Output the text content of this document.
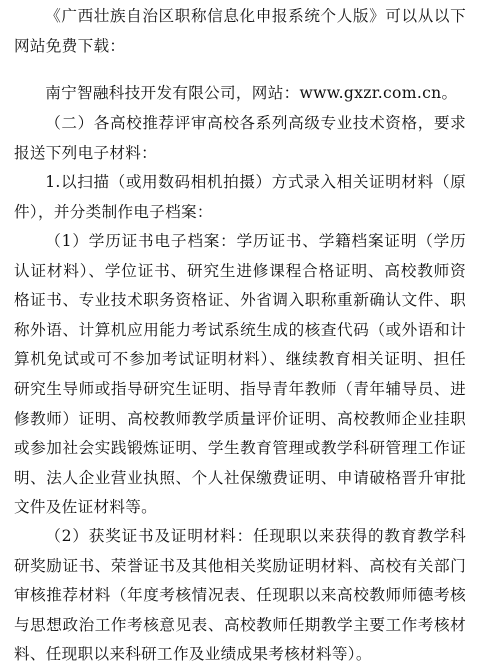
《广西壮族自治区职称信息化申报系统个人版》可以从以下网站免费下载：

南宁智融科技开发有限公司，网站：www.gxzr.com.cn。

（二）各高校推荐评审高校各系列高级专业技术资格，要求报送下列电子材料：

1.以扫描（或用数码相机拍摄）方式录入相关证明材料（原件），并分类制作电子档案：

（1）学历证书电子档案：学历证书、学籍档案证明（学历认证材料）、学位证书、研究生进修课程合格证明、高校教师资格证书、专业技术职务资格证、外省调入职称重新确认文件、职称外语、计算机应用能力考试系统生成的核查代码（或外语和计算机免试或可不参加考试证明材料）、继续教育相关证明、担任研究生导师或指导研究生证明、指导青年教师（青年辅导员、进修教师）证明、高校教师教学质量评价证明、高校教师企业挂职或参加社会实践锻炼证明、学生教育管理或教学科研管理工作证明、法人企业营业执照、个人社保缴费证明、申请破格晋升审批文件及佐证材料等。

（2）获奖证书及证明材料：任现职以来获得的教育教学科研奖励证书、荣誉证书及其他相关奖励证明材料、高校有关部门审核推荐材料（年度考核情况表、任现职以来高校教师师德考核与思想政治工作考核意见表、高校教师任期教学主要工作考核材料、任现职以来科研工作及业绩成果考核材料等）。
